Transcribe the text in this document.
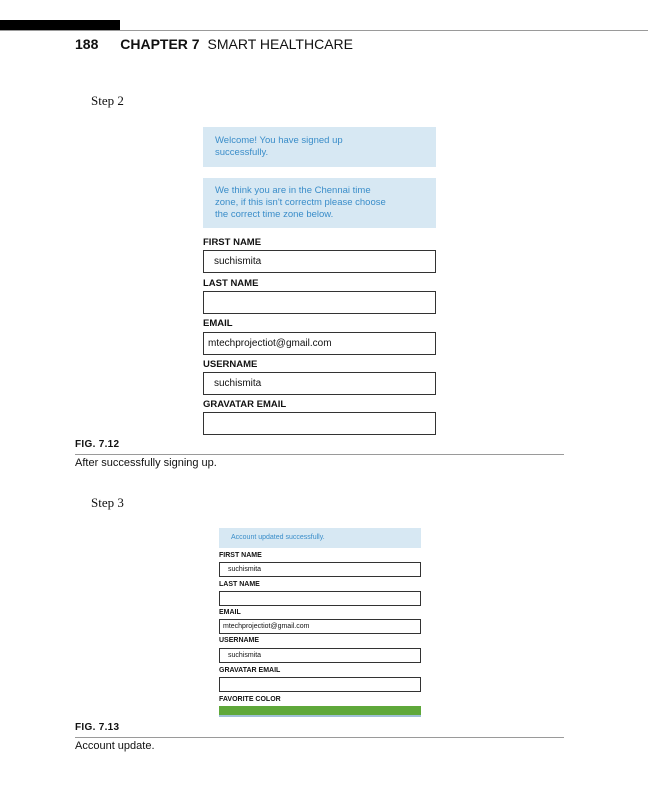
188 CHAPTER 7 SMART HEALTHCARE
Step 2
Welcome! You have signed up
successfully.
We think you are in the Chennai time
zone, if this isn't correctm please choose
the correct time zone below.
FIRST NAME
suchismita
LAST NAME
EMAIL
mtechprojectiot@gmail.com
USERNAME
suchismita
GRAVATAR EMAIL
FIG. 7.12
After successfully signing up.
Step 3
Account updated successfully.
FIRST NAME
suchismita
LAST NAME
EMAIL
mtechprojectiot@gmail.com
USERNAME
suchismita
GRAVATAR EMAIL
FAVORITE COLOR
FIG. 7.13
Account update.
